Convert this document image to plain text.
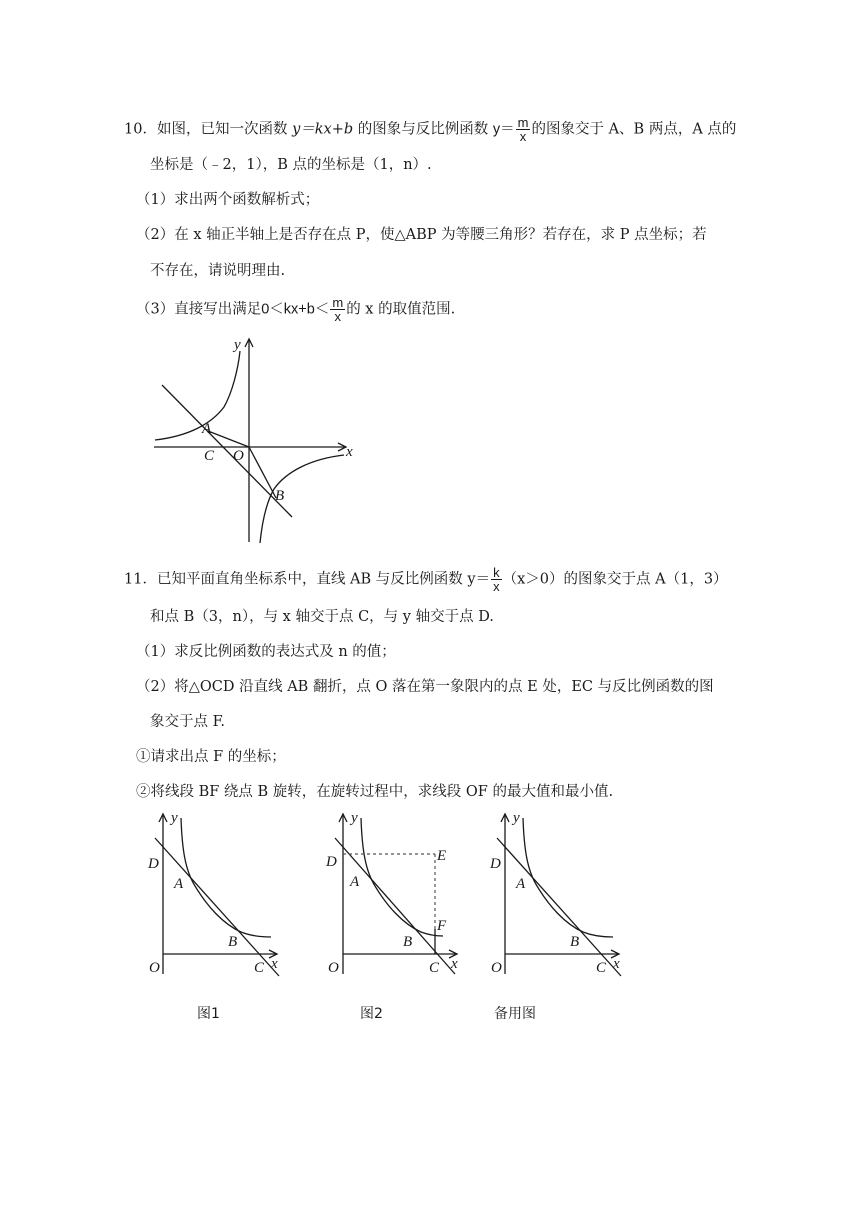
10．如图，已知一次函数 y＝kx+b 的图象与反比例函数 $y= \frac{m}{x}$ 的图象交于 A、B 两点，A 点的
坐标是（﹣2，1），B 点的坐标是（1，n）.
（1）求出两个函数解析式；
（2）在 x 轴正半轴上是否存在点 P，使△ABP 为等腰三角形？若存在，求 P 点坐标；若
不存在，请说明理由.
（3）直接写出满足$0<kx+b< \frac{m}{x}$ 的 x 的取值范围.
y
x
A
C O
B
11．已知平面直角坐标系中，直线 AB 与反比例函数 $y= \frac{k}{x} (x>0)$的图象交于点 A（1，3）
和点 B（3，n），与 x 轴交于点 C，与 y 轴交于点 D.
（1）求反比例函数的表达式及 n 的值；
（2）将△OCD 沿直线 AB 翻折，点 O 落在第一象限内的点 E 处，EC 与反比例函数的图
象交于点 F.
①请求出点 F 的坐标；
②将线段 BF 绕点 B 旋转，在旋转过程中，求线段 OF 的最大值和最小值.
y
x
D
A
B
C
O
图1
y
x
D
A
B
C
O
E
F
图2
y
x
D
A
B
C
O
备用图
